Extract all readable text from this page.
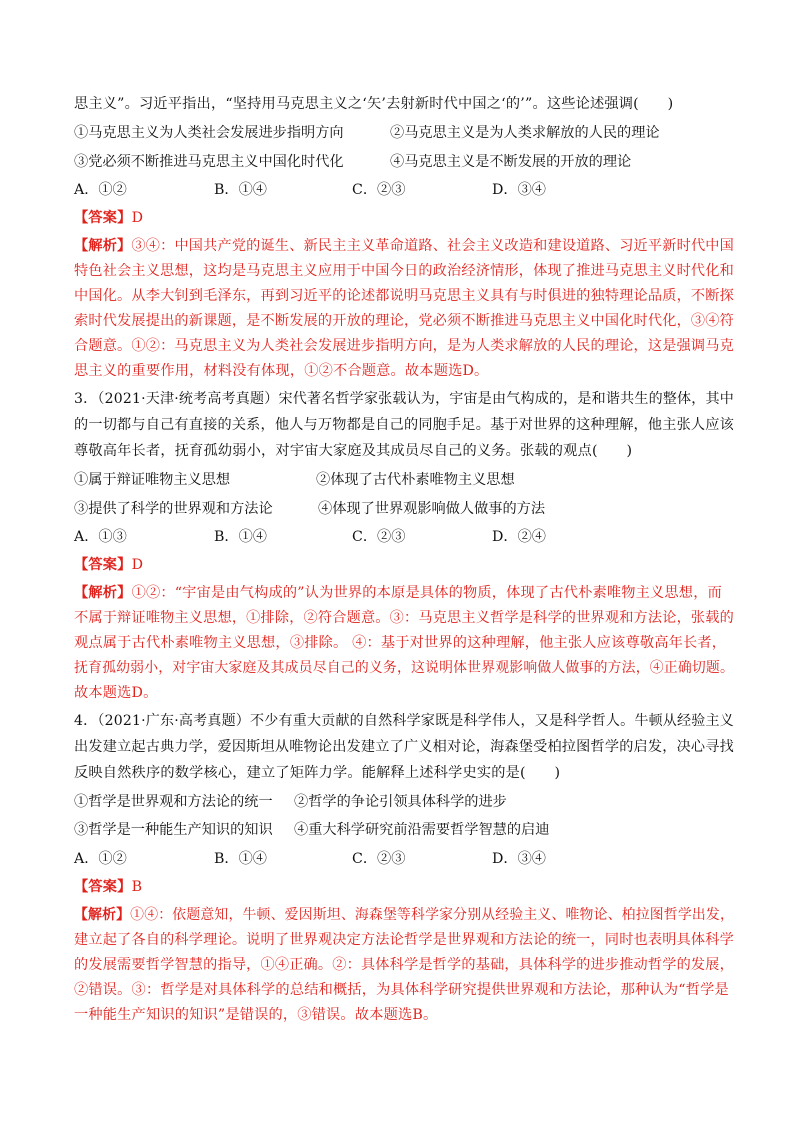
思主义”。习近平指出，“坚持用马克思主义之‘矢’去射新时代中国之‘的’”。这些论述强调(　　)
①马克思主义为人类社会发展进步指明方向	②马克思主义是为人类求解放的人民的理论
③党必须不断推进马克思主义中国化时代化	④马克思主义是不断发展的开放的理论
A．①②	B．①④	C．②③	D．③④
【答案】D
【解析】③④：中国共产党的诞生、新民主主义革命道路、社会主义改造和建设道路、习近平新时代中国
特色社会主义思想，这均是马克思主义应用于中国今日的政治经济情形，体现了推进马克思主义时代化和
中国化。从李大钊到毛泽东，再到习近平的论述都说明马克思主义具有与时俱进的独特理论品质，不断探
索时代发展提出的新课题，是不断发展的开放的理论，党必须不断推进马克思主义中国化时代化，③④符
合题意。①②：马克思主义为人类社会发展进步指明方向，是为人类求解放的人民的理论，这是强调马克
思主义的重要作用，材料没有体现，①②不合题意。故本题选D。
3．（2021·天津·统考高考真题）宋代著名哲学家张载认为，宇宙是由气构成的，是和谐共生的整体，其中
的一切都与自己有直接的关系，他人与万物都是自己的同胞手足。基于对世界的这种理解，他主张人应该
尊敬高年长者，抚育孤幼弱小，对宇宙大家庭及其成员尽自己的义务。张载的观点(　　)
①属于辩证唯物主义思想	②体现了古代朴素唯物主义思想
③提供了科学的世界观和方法论	④体现了世界观影响做人做事的方法
A．①③	B．①④	C．②③	D．②④
【答案】D
【解析】①②：“宇宙是由气构成的”认为世界的本原是具体的物质，体现了古代朴素唯物主义思想，而
不属于辩证唯物主义思想，①排除，②符合题意。③：马克思主义哲学是科学的世界观和方法论，张载的
观点属于古代朴素唯物主义思想，③排除。 ④：基于对世界的这种理解，他主张人应该尊敬高年长者，
抚育孤幼弱小，对宇宙大家庭及其成员尽自己的义务，这说明体世界观影响做人做事的方法，④正确切题。
故本题选D。
4．（2021·广东·高考真题）不少有重大贡献的自然科学家既是科学伟人，又是科学哲人。牛顿从经验主义
出发建立起古典力学，爱因斯坦从唯物论出发建立了广义相对论，海森堡受柏拉图哲学的启发，决心寻找
反映自然秩序的数学核心，建立了矩阵力学。能解释上述科学史实的是(　　)
①哲学是世界观和方法论的统一 ②哲学的争论引领具体科学的进步
③哲学是一种能生产知识的知识 ④重大科学研究前沿需要哲学智慧的启迪
A．①②	B．①④	C．②③	D．③④
【答案】B
【解析】①④：依题意知，牛顿、爱因斯坦、海森堡等科学家分别从经验主义、唯物论、柏拉图哲学出发，
建立起了各自的科学理论。说明了世界观决定方法论哲学是世界观和方法论的统一，同时也表明具体科学
的发展需要哲学智慧的指导，①④正确。②：具体科学是哲学的基础，具体科学的进步推动哲学的发展，
②错误。③：哲学是对具体科学的总结和概括，为具体科学研究提供世界观和方法论，那种认为“哲学是
一种能生产知识的知识”是错误的，③错误。故本题选B。
